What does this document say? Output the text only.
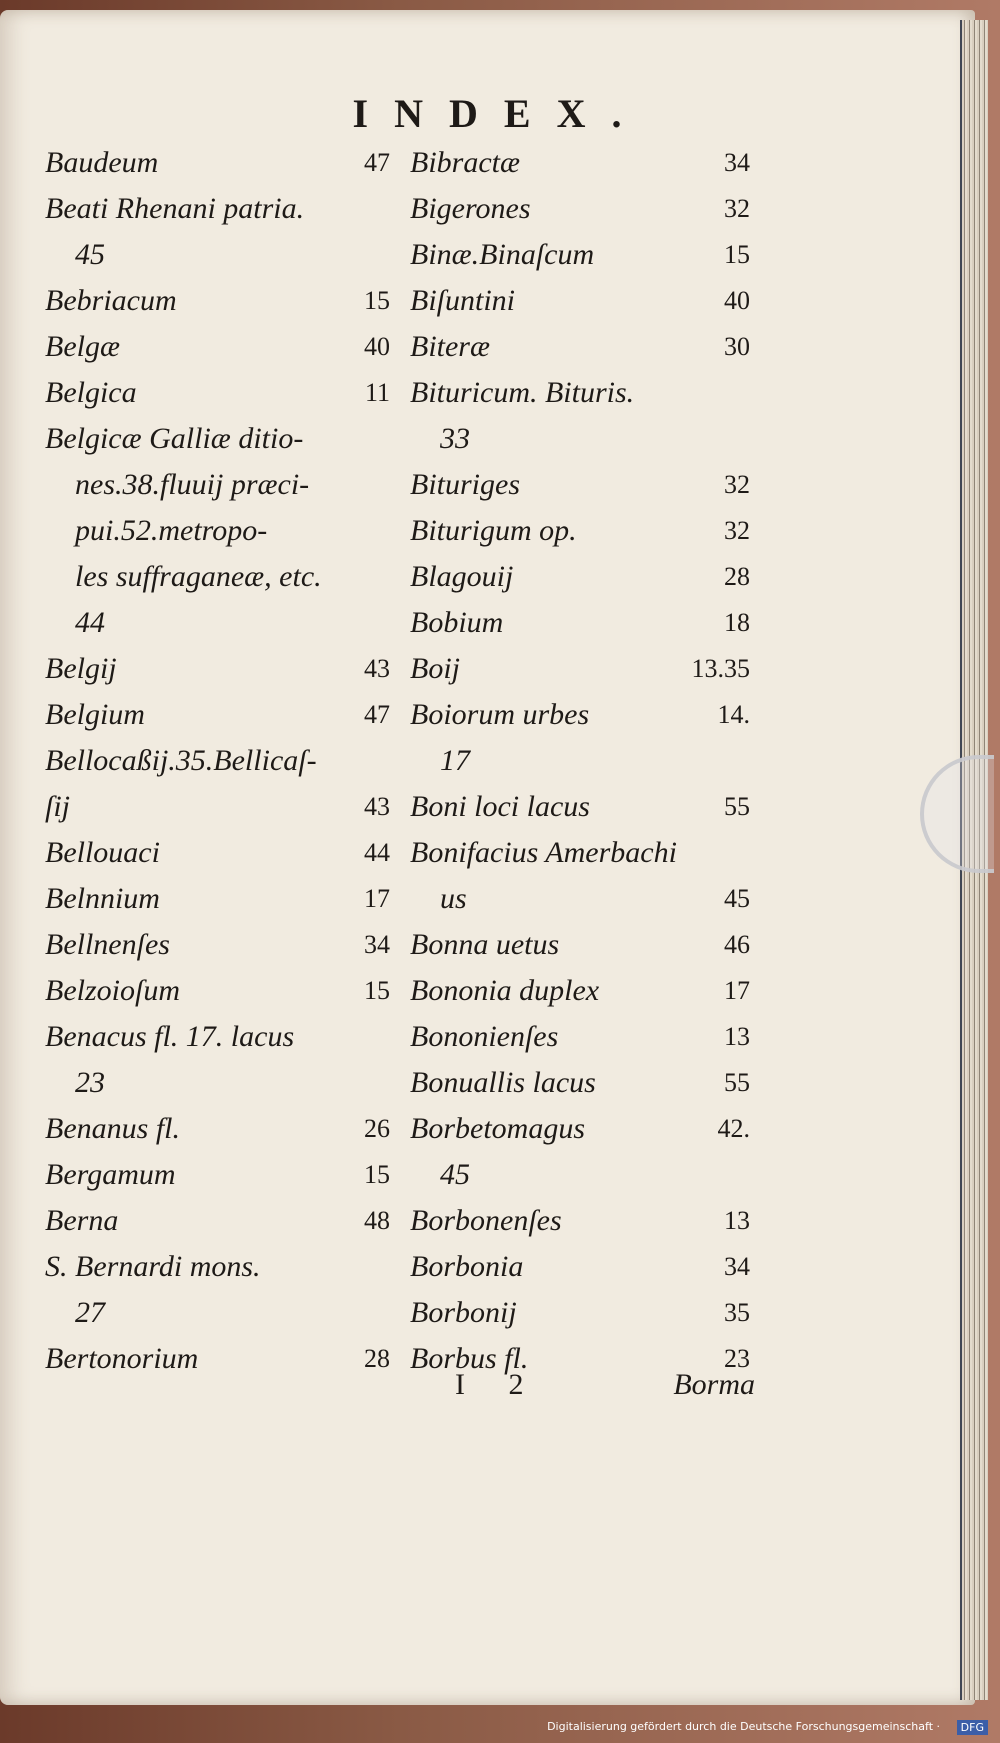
INDEX.
Baudeum	47
Beati Rhenani patria.
45
Bebriacum	15
Belgæ	40
Belgica	11
Belgicæ Galliæ ditio-
nes.38.fluuij præci-
pui.52.metropo-
les suffraganeæ, etc.
44
Belgij	43
Belgium	47
Bellocaßij.35.Bellicaſ-
ſij	43
Bellouaci	44
Belnnium	17
Bellnenſes	34
Belzoioſum	15
Benacus fl. 17. lacus
23
Benanus fl.	26
Bergamum	15
Berna	48
S. Bernardi mons.
27
Bertonorium	28
Bibractæ	34
Bigerones	32
Binæ.Binaſcum	15
Biſuntini	40
Biteræ	30
Bituricum. Bituris.
33
Bituriges	32
Biturigum op.	32
Blagouij	28
Bobium	18
Boij	13.35
Boiorum urbes	14.
17
Boni loci lacus	55
Bonifacius Amerbachi
us	45
Bonna uetus	46
Bononia duplex	17
Bononienſes	13
Bonuallis lacus	55
Borbetomagus	42.
45
Borbonenſes	13
Borbonia	34
Borbonij	35
Borbus fl.	23
I 2	Borma
Digitalisierung gefördert durch die Deutsche Forschungsgemeinschaft ·	DFG
